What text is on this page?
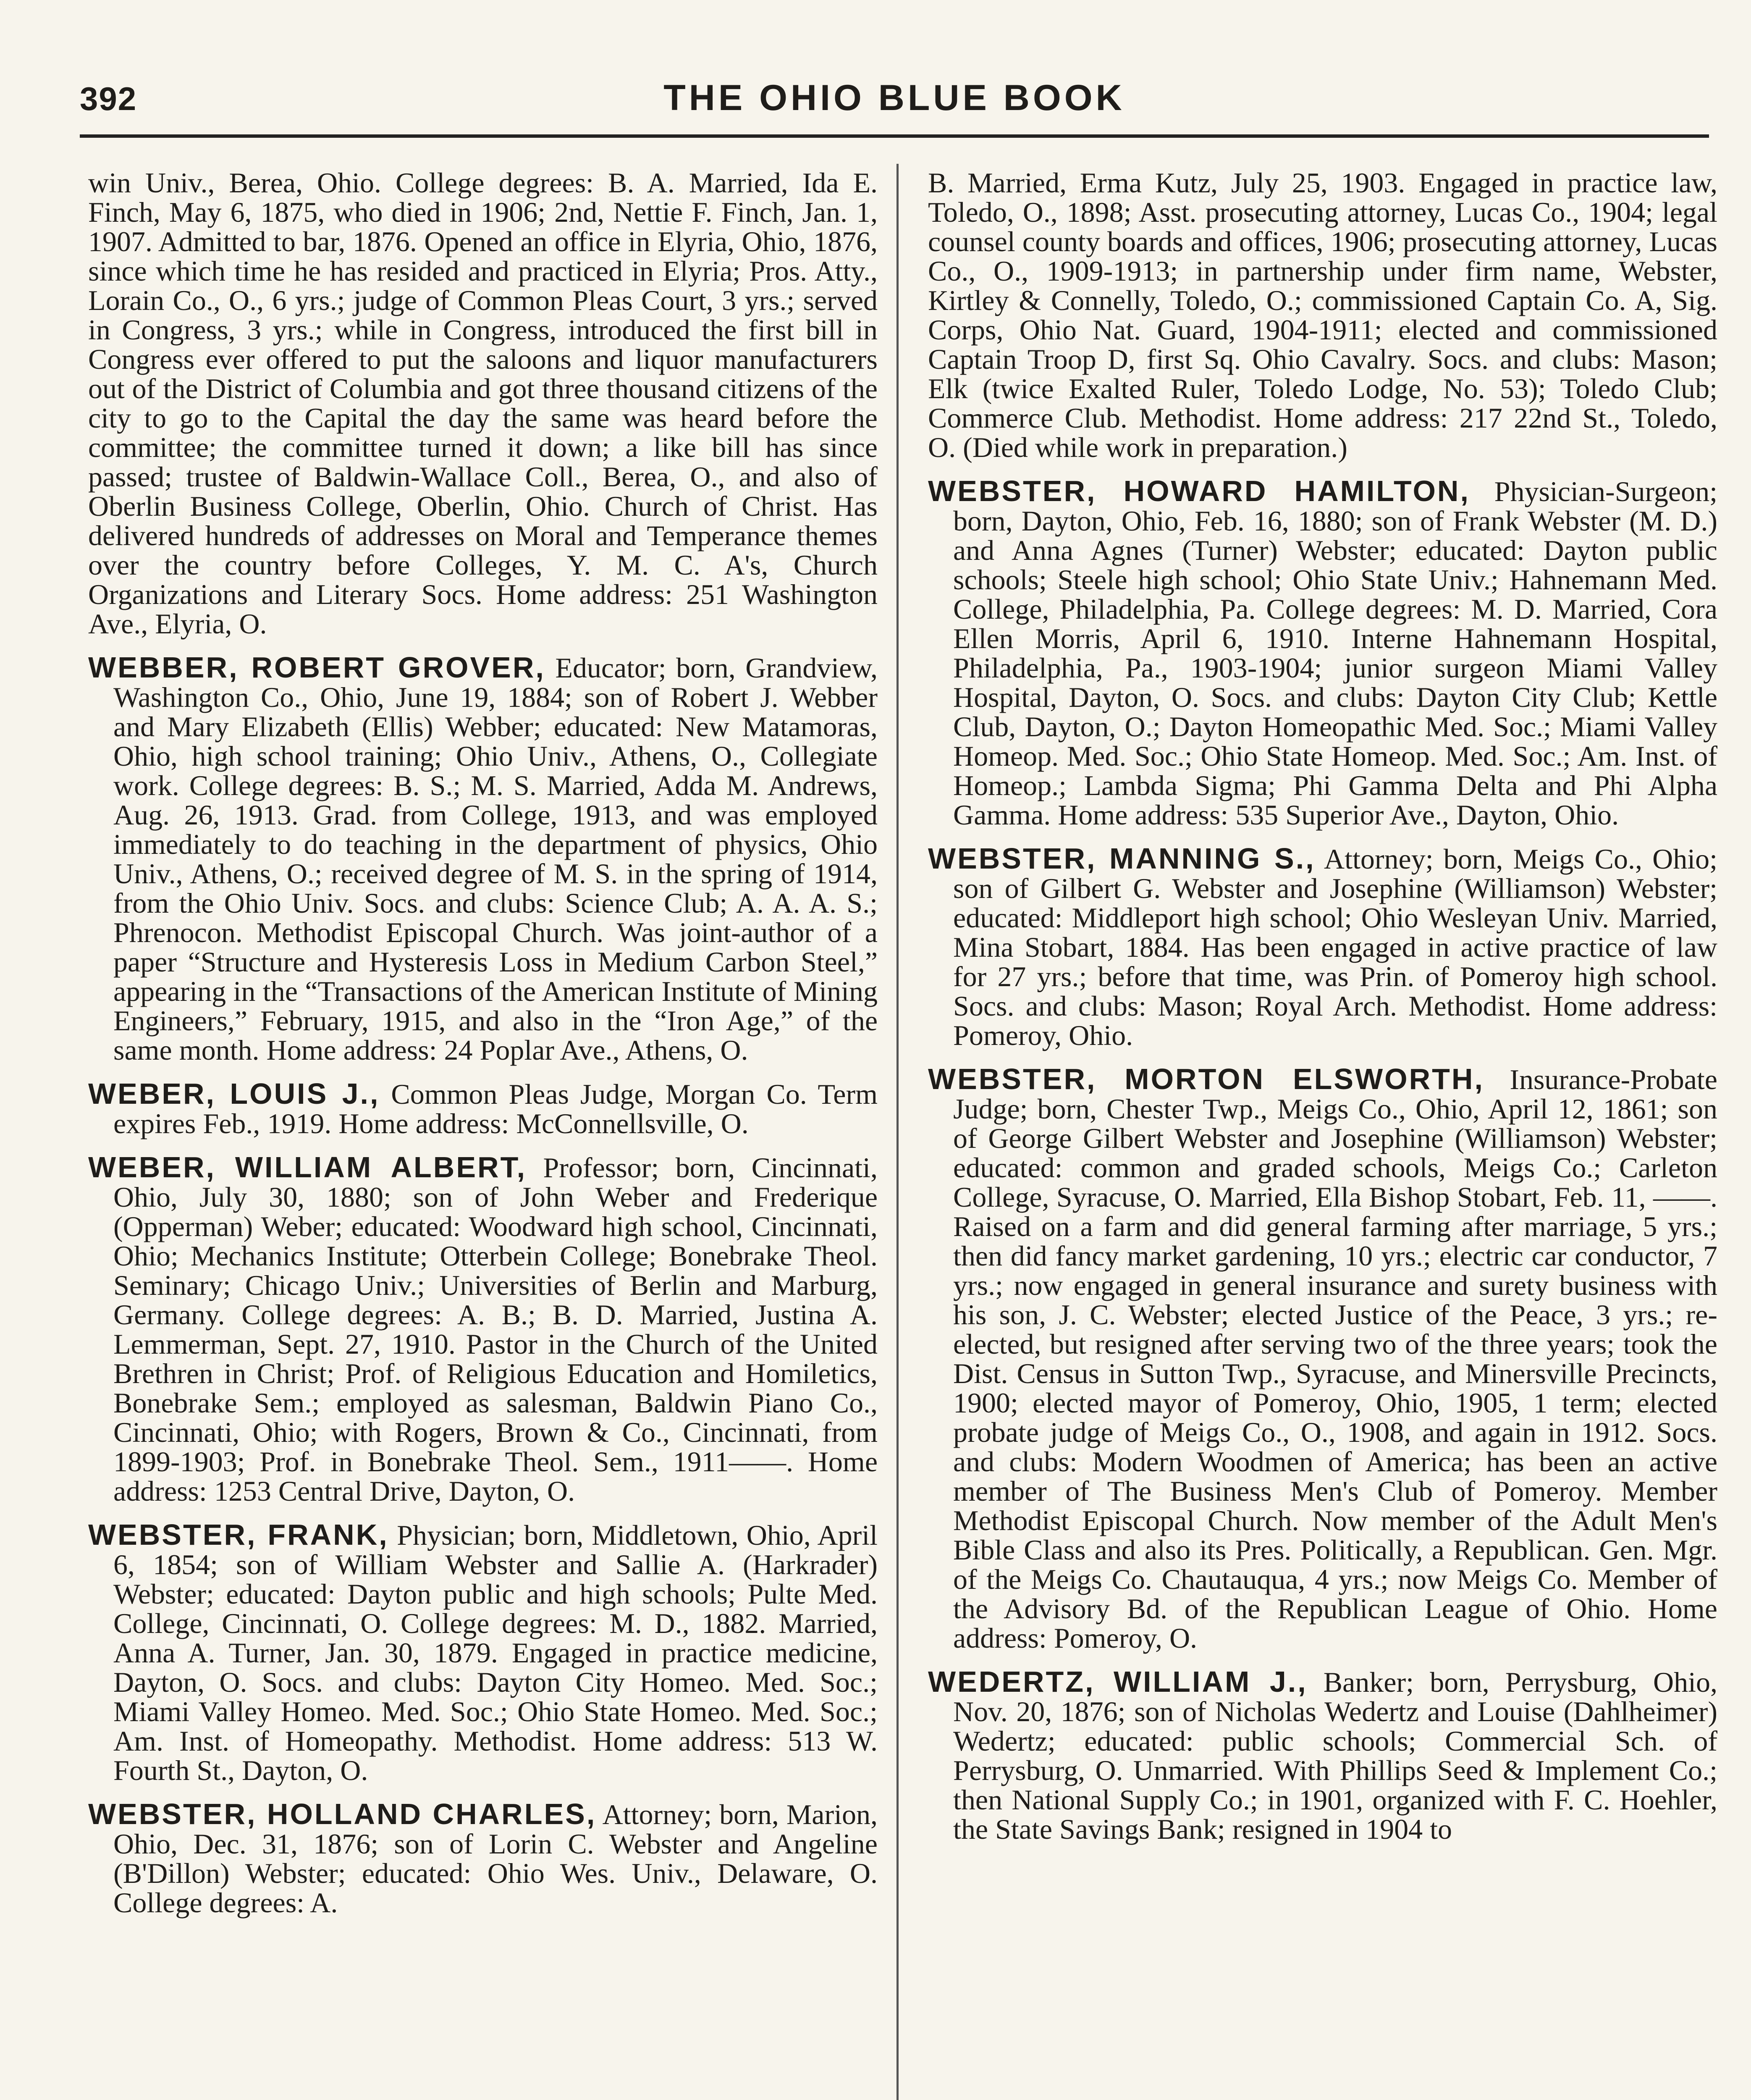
392	THE OHIO BLUE BOOK

win Univ., Berea, Ohio. College degrees: B. A. Married, Ida E. Finch, May 6, 1875, who died in 1906; 2nd, Nettie F. Finch, Jan. 1, 1907. Admitted to bar, 1876. Opened an office in Elyria, Ohio, 1876, since which time he has resided and practiced in Elyria; Pros. Atty., Lorain Co., O., 6 yrs.; judge of Common Pleas Court, 3 yrs.; served in Congress, 3 yrs.; while in Congress, introduced the first bill in Congress ever offered to put the saloons and liquor manufacturers out of the District of Columbia and got three thousand citizens of the city to go to the Capital the day the same was heard before the committee; the committee turned it down; a like bill has since passed; trustee of Baldwin-Wallace Coll., Berea, O., and also of Oberlin Business College, Oberlin, Ohio. Church of Christ. Has delivered hundreds of addresses on Moral and Temperance themes over the country before Colleges, Y. M. C. A's, Church Organizations and Literary Socs. Home address: 251 Washington Ave., Elyria, O.

WEBBER, ROBERT GROVER, Educator; born, Grandview, Washington Co., Ohio, June 19, 1884; son of Robert J. Webber and Mary Elizabeth (Ellis) Webber; educated: New Matamoras, Ohio, high school training; Ohio Univ., Athens, O., Collegiate work. College degrees: B. S.; M. S. Married, Adda M. Andrews, Aug. 26, 1913. Grad. from College, 1913, and was employed immediately to do teaching in the department of physics, Ohio Univ., Athens, O.; received degree of M. S. in the spring of 1914, from the Ohio Univ. Socs. and clubs: Science Club; A. A. A. S.; Phrenocon. Methodist Episcopal Church. Was joint-author of a paper “Structure and Hysteresis Loss in Medium Carbon Steel,” appearing in the “Transactions of the American Institute of Mining Engineers,” February, 1915, and also in the “Iron Age,” of the same month. Home address: 24 Poplar Ave., Athens, O.

WEBER, LOUIS J., Common Pleas Judge, Morgan Co. Term expires Feb., 1919. Home address: McConnellsville, O.

WEBER, WILLIAM ALBERT, Professor; born, Cincinnati, Ohio, July 30, 1880; son of John Weber and Frederique (Opperman) Weber; educated: Woodward high school, Cincinnati, Ohio; Mechanics Institute; Otterbein College; Bonebrake Theol. Seminary; Chicago Univ.; Universities of Berlin and Marburg, Germany. College degrees: A. B.; B. D. Married, Justina A. Lemmerman, Sept. 27, 1910. Pastor in the Church of the United Brethren in Christ; Prof. of Religious Education and Homiletics, Bonebrake Sem.; employed as salesman, Baldwin Piano Co., Cincinnati, Ohio; with Rogers, Brown & Co., Cincinnati, from 1899-1903; Prof. in Bonebrake Theol. Sem., 1911——. Home address: 1253 Central Drive, Dayton, O.

WEBSTER, FRANK, Physician; born, Middletown, Ohio, April 6, 1854; son of William Webster and Sallie A. (Harkrader) Webster; educated: Dayton public and high schools; Pulte Med. College, Cincinnati, O. College degrees: M. D., 1882. Married, Anna A. Turner, Jan. 30, 1879. Engaged in practice medicine, Dayton, O. Socs. and clubs: Dayton City Homeo. Med. Soc.; Miami Valley Homeo. Med. Soc.; Ohio State Homeo. Med. Soc.; Am. Inst. of Homeopathy. Methodist. Home address: 513 W. Fourth St., Dayton, O.

WEBSTER, HOLLAND CHARLES, Attorney; born, Marion, Ohio, Dec. 31, 1876; son of Lorin C. Webster and Angeline (B'Dillon) Webster; educated: Ohio Wes. Univ., Delaware, O. College degrees: A.

B. Married, Erma Kutz, July 25, 1903. Engaged in practice law, Toledo, O., 1898; Asst. prosecuting attorney, Lucas Co., 1904; legal counsel county boards and offices, 1906; prosecuting attorney, Lucas Co., O., 1909-1913; in partnership under firm name, Webster, Kirtley & Connelly, Toledo, O.; commissioned Captain Co. A, Sig. Corps, Ohio Nat. Guard, 1904-1911; elected and commissioned Captain Troop D, first Sq. Ohio Cavalry. Socs. and clubs: Mason; Elk (twice Exalted Ruler, Toledo Lodge, No. 53); Toledo Club; Commerce Club. Methodist. Home address: 217 22nd St., Toledo, O. (Died while work in preparation.)

WEBSTER, HOWARD HAMILTON, Physician-Surgeon; born, Dayton, Ohio, Feb. 16, 1880; son of Frank Webster (M. D.) and Anna Agnes (Turner) Webster; educated: Dayton public schools; Steele high school; Ohio State Univ.; Hahnemann Med. College, Philadelphia, Pa. College degrees: M. D. Married, Cora Ellen Morris, April 6, 1910. Interne Hahnemann Hospital, Philadelphia, Pa., 1903-1904; junior surgeon Miami Valley Hospital, Dayton, O. Socs. and clubs: Dayton City Club; Kettle Club, Dayton, O.; Dayton Homeopathic Med. Soc.; Miami Valley Homeop. Med. Soc.; Ohio State Homeop. Med. Soc.; Am. Inst. of Homeop.; Lambda Sigma; Phi Gamma Delta and Phi Alpha Gamma. Home address: 535 Superior Ave., Dayton, Ohio.

WEBSTER, MANNING S., Attorney; born, Meigs Co., Ohio; son of Gilbert G. Webster and Josephine (Williamson) Webster; educated: Middleport high school; Ohio Wesleyan Univ. Married, Mina Stobart, 1884. Has been engaged in active practice of law for 27 yrs.; before that time, was Prin. of Pomeroy high school. Socs. and clubs: Mason; Royal Arch. Methodist. Home address: Pomeroy, Ohio.

WEBSTER, MORTON ELSWORTH, Insurance-Probate Judge; born, Chester Twp., Meigs Co., Ohio, April 12, 1861; son of George Gilbert Webster and Josephine (Williamson) Webster; educated: common and graded schools, Meigs Co.; Carleton College, Syracuse, O. Married, Ella Bishop Stobart, Feb. 11, ——. Raised on a farm and did general farming after marriage, 5 yrs.; then did fancy market gardening, 10 yrs.; electric car conductor, 7 yrs.; now engaged in general insurance and surety business with his son, J. C. Webster; elected Justice of the Peace, 3 yrs.; re-elected, but resigned after serving two of the three years; took the Dist. Census in Sutton Twp., Syracuse, and Minersville Precincts, 1900; elected mayor of Pomeroy, Ohio, 1905, 1 term; elected probate judge of Meigs Co., O., 1908, and again in 1912. Socs. and clubs: Modern Woodmen of America; has been an active member of The Business Men's Club of Pomeroy. Member Methodist Episcopal Church. Now member of the Adult Men's Bible Class and also its Pres. Politically, a Republican. Gen. Mgr. of the Meigs Co. Chautauqua, 4 yrs.; now Meigs Co. Member of the Advisory Bd. of the Republican League of Ohio. Home address: Pomeroy, O.

WEDERTZ, WILLIAM J., Banker; born, Perrysburg, Ohio, Nov. 20, 1876; son of Nicholas Wedertz and Louise (Dahlheimer) Wedertz; educated: public schools; Commercial Sch. of Perrysburg, O. Unmarried. With Phillips Seed & Implement Co.; then National Supply Co.; in 1901, organized with F. C. Hoehler, the State Savings Bank; resigned in 1904 to
